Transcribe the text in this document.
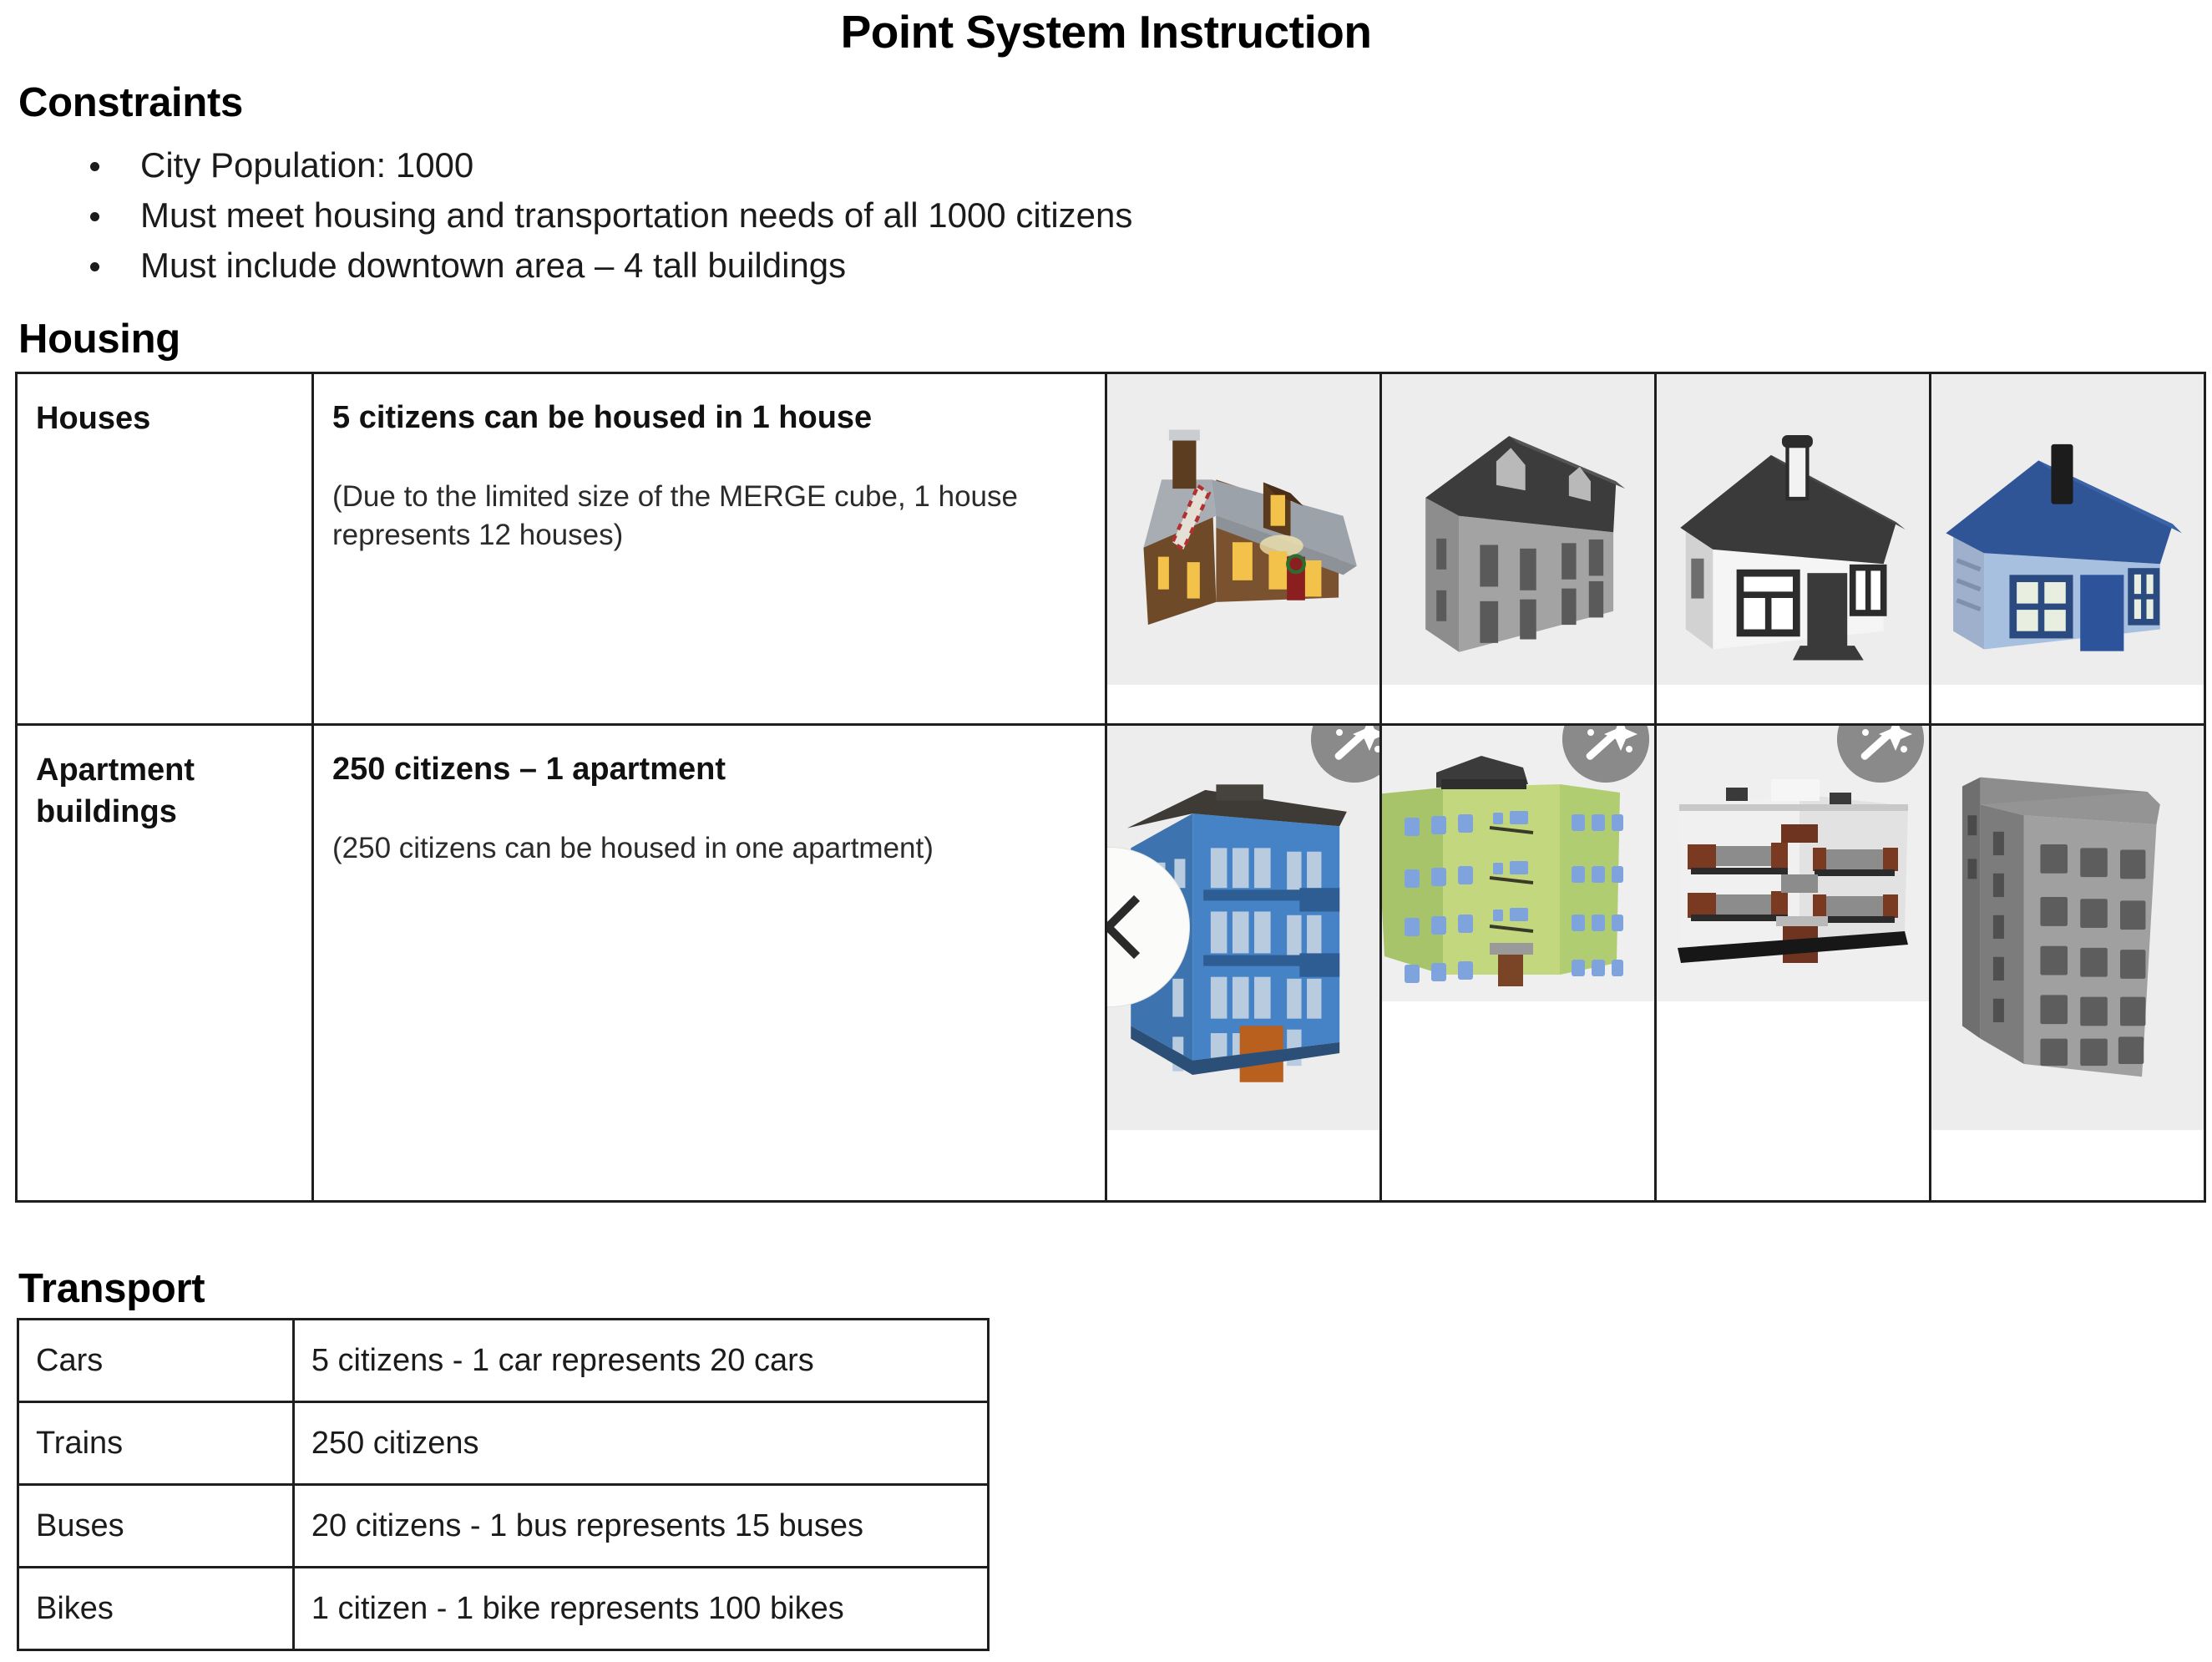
Point System Instruction
Constraints
City Population: 1000
Must meet housing and transportation needs of all 1000 citizens
Must include downtown area – 4 tall buildings
Housing
Houses	5 citizens can be housed in 1 house
(Due to the limited size of the MERGE cube, 1 house represents 12 houses)

Apartment buildings	250 citizens – 1 apartment
(250 citizens can be housed in one apartment)

Transport
Cars	5 citizens - 1 car represents 20 cars
Trains	250 citizens
Buses	20 citizens - 1 bus represents 15 buses
Bikes	1 citizen - 1 bike represents 100 bikes
